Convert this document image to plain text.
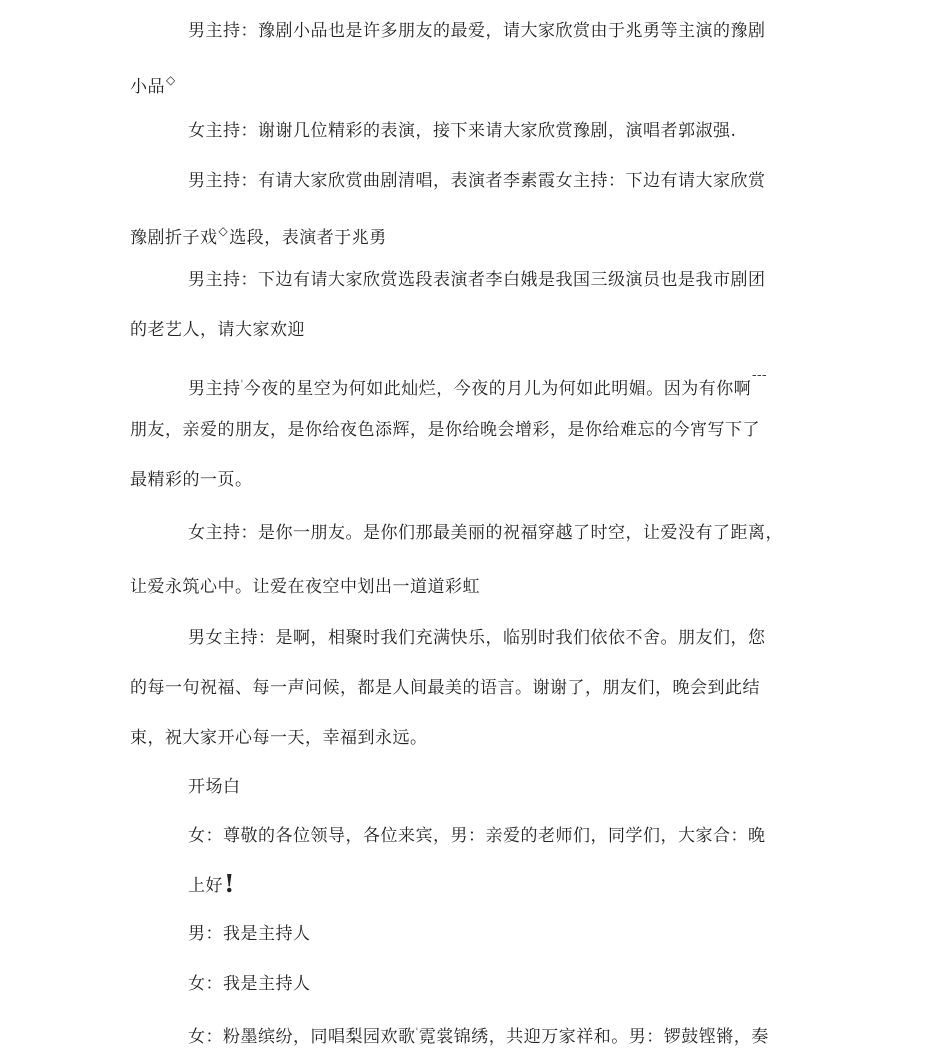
男主持：豫剧小品也是许多朋友的最爱，请大家欣赏由于兆勇等主演的豫剧
小品◇
女主持：谢谢几位精彩的表演，接下来请大家欣赏豫剧，演唱者郭淑强.
男主持：有请大家欣赏曲剧清唱，表演者李素霞女主持：下边有请大家欣赏
豫剧折子戏◇选段，表演者于兆勇
男主持：下边有请大家欣赏选段表演者李白娥是我国三级演员也是我市剧团
的老艺人，请大家欢迎
男主持'今夜的星空为何如此灿烂，今夜的月儿为何如此明媚。因为有你啊¯¯¯
朋友，亲爱的朋友，是你给夜色添辉，是你给晚会增彩，是你给难忘的今宵写下了
最精彩的一页。
女主持：是你一朋友。是你们那最美丽的祝福穿越了时空，让爱没有了距离，
让爱永筑心中。让爱在夜空中划出一道道彩虹
男女主持：是啊，相聚时我们充满快乐，临别时我们依依不舍。朋友们，您
的每一句祝福、每一声问候，都是人间最美的语言。谢谢了，朋友们，晚会到此结
束，祝大家开心每一天，幸福到永远。
开场白
女：尊敬的各位领导，各位来宾，男：亲爱的老师们，同学们，大家合：晚
上好!
男：我是主持人
女：我是主持人
女：粉墨缤纷，同唱梨园欢歌'霓裳锦绣，共迎万家祥和。男：锣鼓铿锵，奏
